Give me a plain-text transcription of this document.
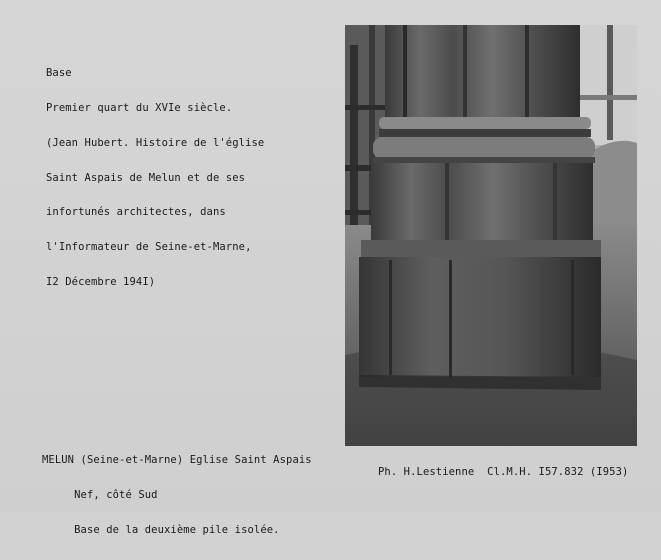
Base

Premier quart du XVIe siècle.

(Jean Hubert. Histoire de l'église

Saint Aspais de Melun et de ses

infortunés architectes, dans

l'Informateur de Seine-et-Marne,

I2 Décembre 194I)

MELUN (Seine-et-Marne) Eglise Saint Aspais

Nef, côté Sud

Base de la deuxième pile isolée.

Ph. H.Lestienne  Cl.M.H. I57.832 (I953)
